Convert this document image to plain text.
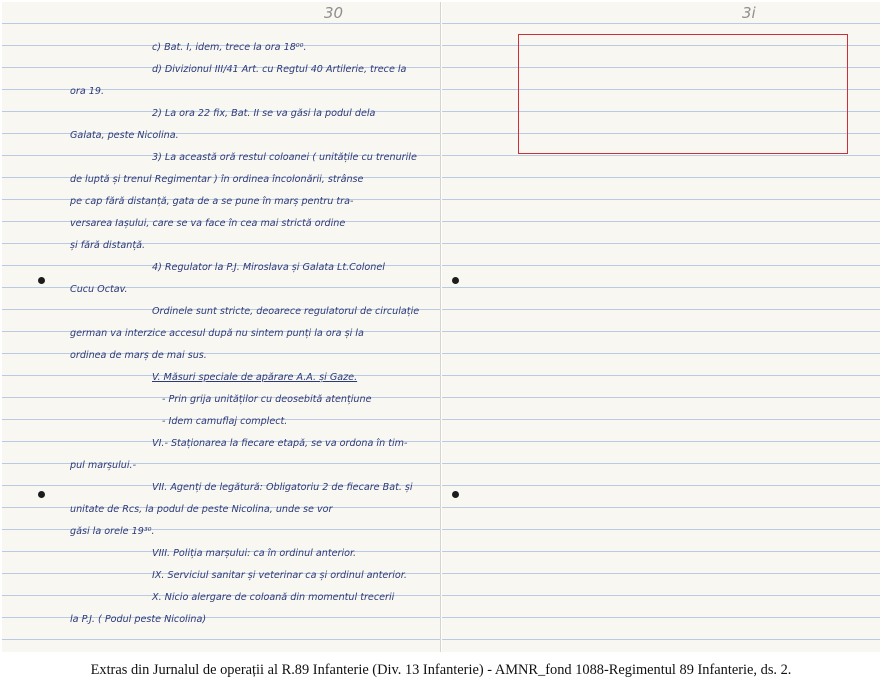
30
c) Bat. I, idem, trece la ora 18⁰⁰.
d) Divizionul III/41 Art. cu Regtul 40 Artilerie, trece la
ora 19.
2) La ora 22 fix, Bat. II se va găsi la podul dela
Galata, peste Nicolina.
3) La această oră restul coloanei ( unitățile cu trenurile
de luptă și trenul Regimentar ) în ordinea încolonării, strânse
pe cap fără distanță, gata de a se pune în marș pentru tra-
versarea Iașului, care se va face în cea mai strictă ordine
și fără distanță.
4) Regulator la P.J. Miroslava și Galata Lt.Colonel
Cucu Octav.
Ordinele sunt stricte, deoarece regulatorul de circulație
german va interzice accesul după nu sintem punți la ora și la
ordinea de marș de mai sus.
V. Măsuri speciale de apărare A.A. și Gaze.
- Prin grija unităților cu deosebită atențiune
- Idem camuflaj complect.
VI.- Staționarea la fiecare etapă, se va ordona în tim-
pul marșului.-
VII. Agenți de legătură: Obligatoriu 2 de fiecare Bat. și
unitate de Rcs, la podul de peste Nicolina, unde se vor
găsi la orele 19³⁰.
VIII. Poliția marșului: ca în ordinul anterior.
IX. Serviciul sanitar și veterinar ca și ordinul anterior.
X. Nicio alergare de coloană din momentul trecerii
la P.J. ( Podul peste Nicolina)
3i
Extras din Jurnalul de operații al R.89 Infanterie (Div. 13 Infanterie) - AMNR_fond 1088-Regimentul 89 Infanterie, ds. 2.
